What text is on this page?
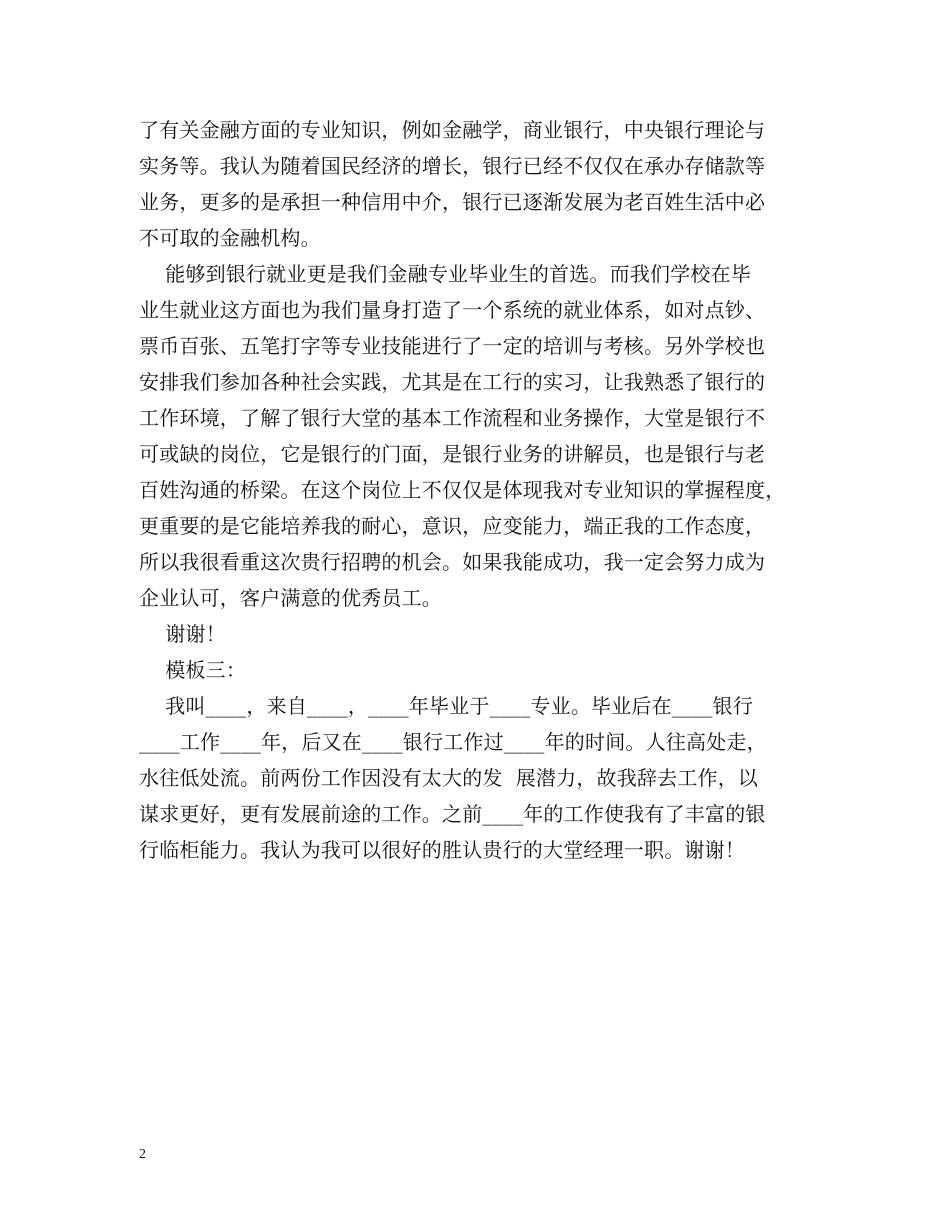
了有关金融方面的专业知识，例如金融学，商业银行，中央银行理论与
实务等。我认为随着国民经济的增长，银行已经不仅仅在承办存储款等
业务，更多的是承担一种信用中介，银行已逐渐发展为老百姓生活中必
不可取的金融机构。
能够到银行就业更是我们金融专业毕业生的首选。而我们学校在毕
业生就业这方面也为我们量身打造了一个系统的就业体系，如对点钞、
票币百张、五笔打字等专业技能进行了一定的培训与考核。另外学校也
安排我们参加各种社会实践，尤其是在工行的实习，让我熟悉了银行的
工作环境，了解了银行大堂的基本工作流程和业务操作，大堂是银行不
可或缺的岗位，它是银行的门面，是银行业务的讲解员，也是银行与老
百姓沟通的桥梁。在这个岗位上不仅仅是体现我对专业知识的掌握程度，
更重要的是它能培养我的耐心，意识，应变能力，端正我的工作态度，
所以我很看重这次贵行招聘的机会。如果我能成功，我一定会努力成为
企业认可，客户满意的优秀员工。
谢谢！
模板三：
我叫____，来自____，____年毕业于____专业。毕业后在____银行
____工作____年，后又在____银行工作过____年的时间。人往高处走，
水往低处流。前两份工作因没有太大的发  展潜力，故我辞去工作，以
谋求更好，更有发展前途的工作。之前____年的工作使我有了丰富的银
行临柜能力。我认为我可以很好的胜认贵行的大堂经理一职。谢谢！
2
